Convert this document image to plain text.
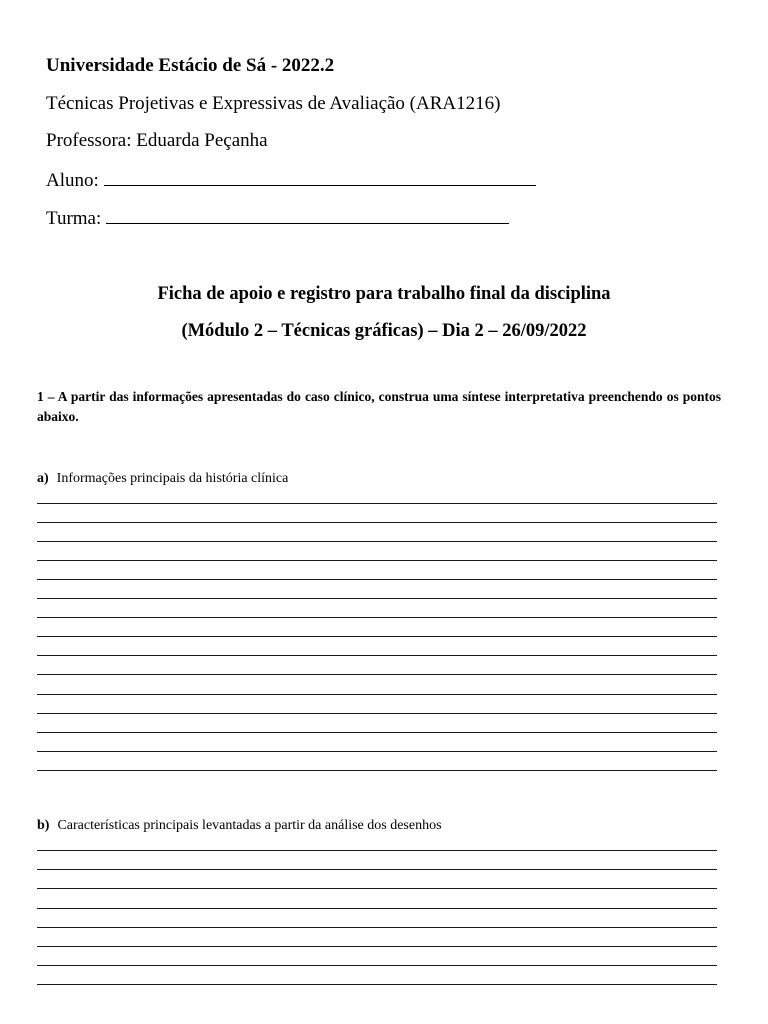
Universidade Estácio de Sá - 2022.2
Técnicas Projetivas e Expressivas de Avaliação (ARA1216)
Professora: Eduarda Peçanha
Aluno:
Turma:
Ficha de apoio e registro para trabalho final da disciplina
(Módulo 2 – Técnicas gráficas) – Dia 2 – 26/09/2022
1 – A partir das informações apresentadas do caso clínico, construa uma síntese interpretativa preenchendo os pontos abaixo.
a) Informações principais da história clínica
b) Características principais levantadas a partir da análise dos desenhos
